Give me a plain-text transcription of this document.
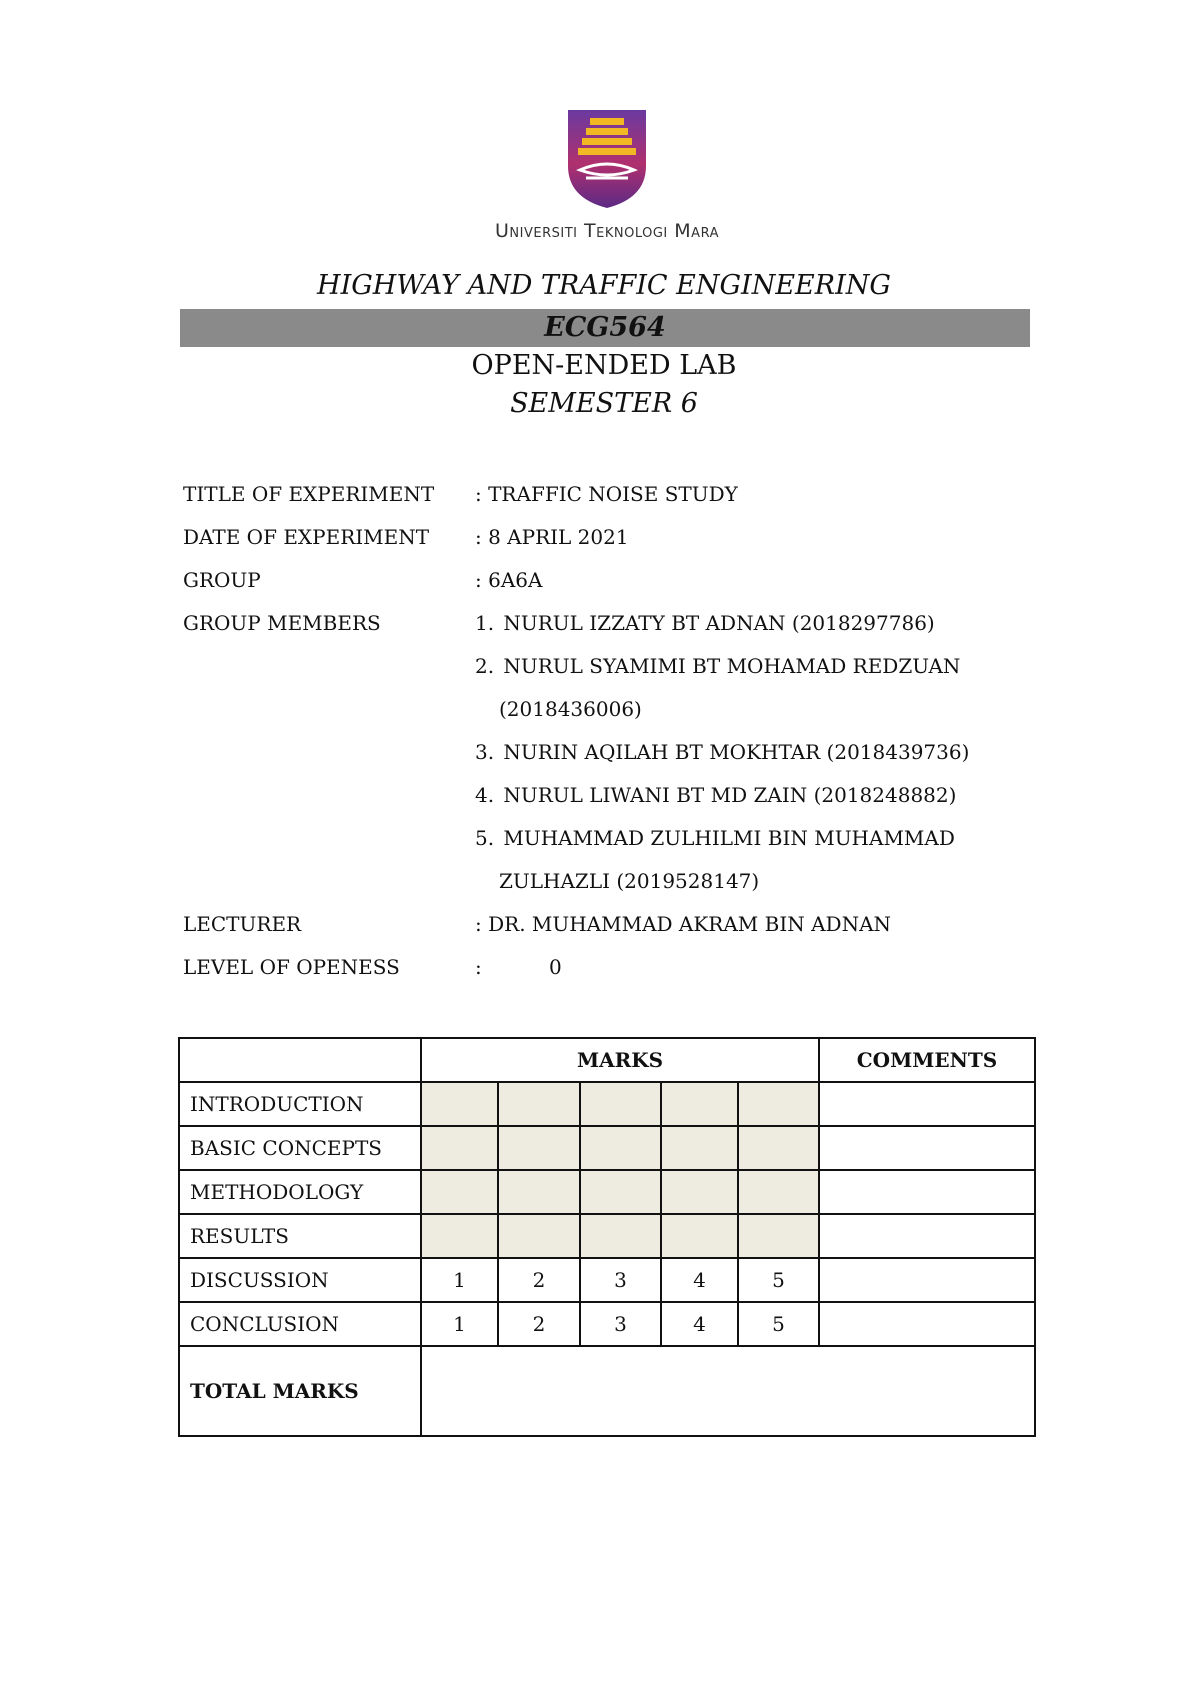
Universiti Teknologi Mara
HIGHWAY AND TRAFFIC ENGINEERING
ECG564
OPEN-ENDED LAB
SEMESTER 6
TITLE OF EXPERIMENT : TRAFFIC NOISE STUDY
DATE OF EXPERIMENT : 8 APRIL 2021
GROUP	: 6A6A
GROUP MEMBERS	1. NURUL IZZATY BT ADNAN (2018297786)
2. NURUL SYAMIMI BT MOHAMAD REDZUAN
(2018436006)
3. NURIN AQILAH BT MOKHTAR (2018439736)
4. NURUL LIWANI BT MD ZAIN (2018248882)
5. MUHAMMAD ZULHILMI BIN MUHAMMAD
ZULHAZLI (2019528147)
LECTURER	: DR. MUHAMMAD AKRAM BIN ADNAN
LEVEL OF OPENESS	:	0
	MARKS					COMMENTS
INTRODUCTION						
BASIC CONCEPTS						
METHODOLOGY						
RESULTS						
DISCUSSION	1	2	3	4	5	
CONCLUSION	1	2	3	4	5	
TOTAL MARKS						
